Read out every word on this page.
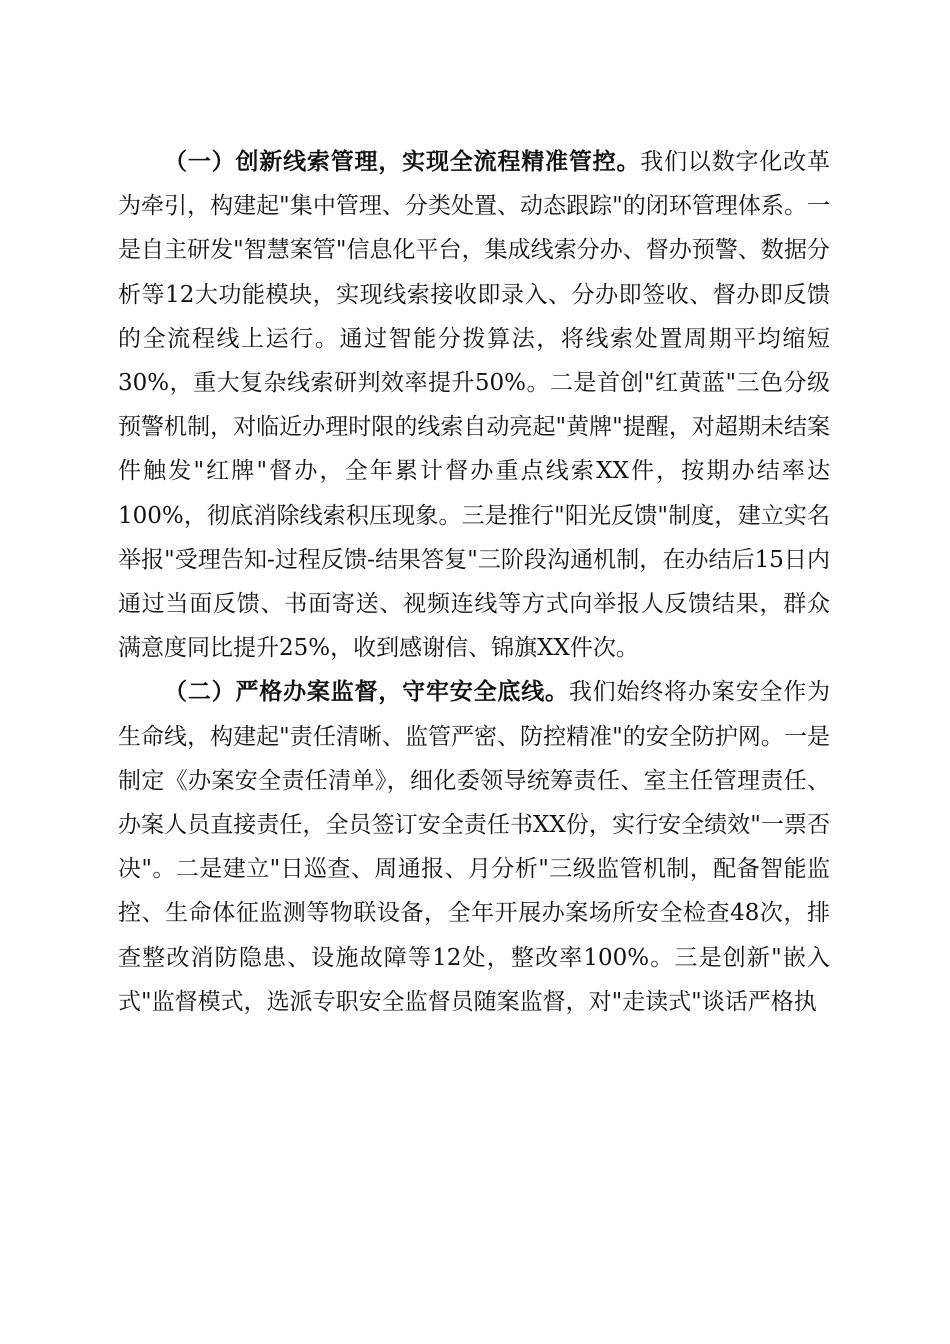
（一）创新线索管理，实现全流程精准管控。我们以数字化改革为牵引，构建起"集中管理、分类处置、动态跟踪"的闭环管理体系。一是自主研发"智慧案管"信息化平台，集成线索分办、督办预警、数据分析等12大功能模块，实现线索接收即录入、分办即签收、督办即反馈的全流程线上运行。通过智能分拨算法，将线索处置周期平均缩短30%，重大复杂线索研判效率提升50%。二是首创"红黄蓝"三色分级预警机制，对临近办理时限的线索自动亮起"黄牌"提醒，对超期未结案件触发"红牌"督办，全年累计督办重点线索XX件，按期办结率达100%，彻底消除线索积压现象。三是推行"阳光反馈"制度，建立实名举报"受理告知-过程反馈-结果答复"三阶段沟通机制，在办结后15日内通过当面反馈、书面寄送、视频连线等方式向举报人反馈结果，群众满意度同比提升25%，收到感谢信、锦旗XX件次。

（二）严格办案监督，守牢安全底线。我们始终将办案安全作为生命线，构建起"责任清晰、监管严密、防控精准"的安全防护网。一是制定《办案安全责任清单》，细化委领导统筹责任、室主任管理责任、办案人员直接责任，全员签订安全责任书XX份，实行安全绩效"一票否决"。二是建立"日巡查、周通报、月分析"三级监管机制，配备智能监控、生命体征监测等物联设备，全年开展办案场所安全检查48次，排查整改消防隐患、设施故障等12处，整改率100%。三是创新"嵌入式"监督模式，选派专职安全监督员随案监督，对"走读式"谈话严格执
